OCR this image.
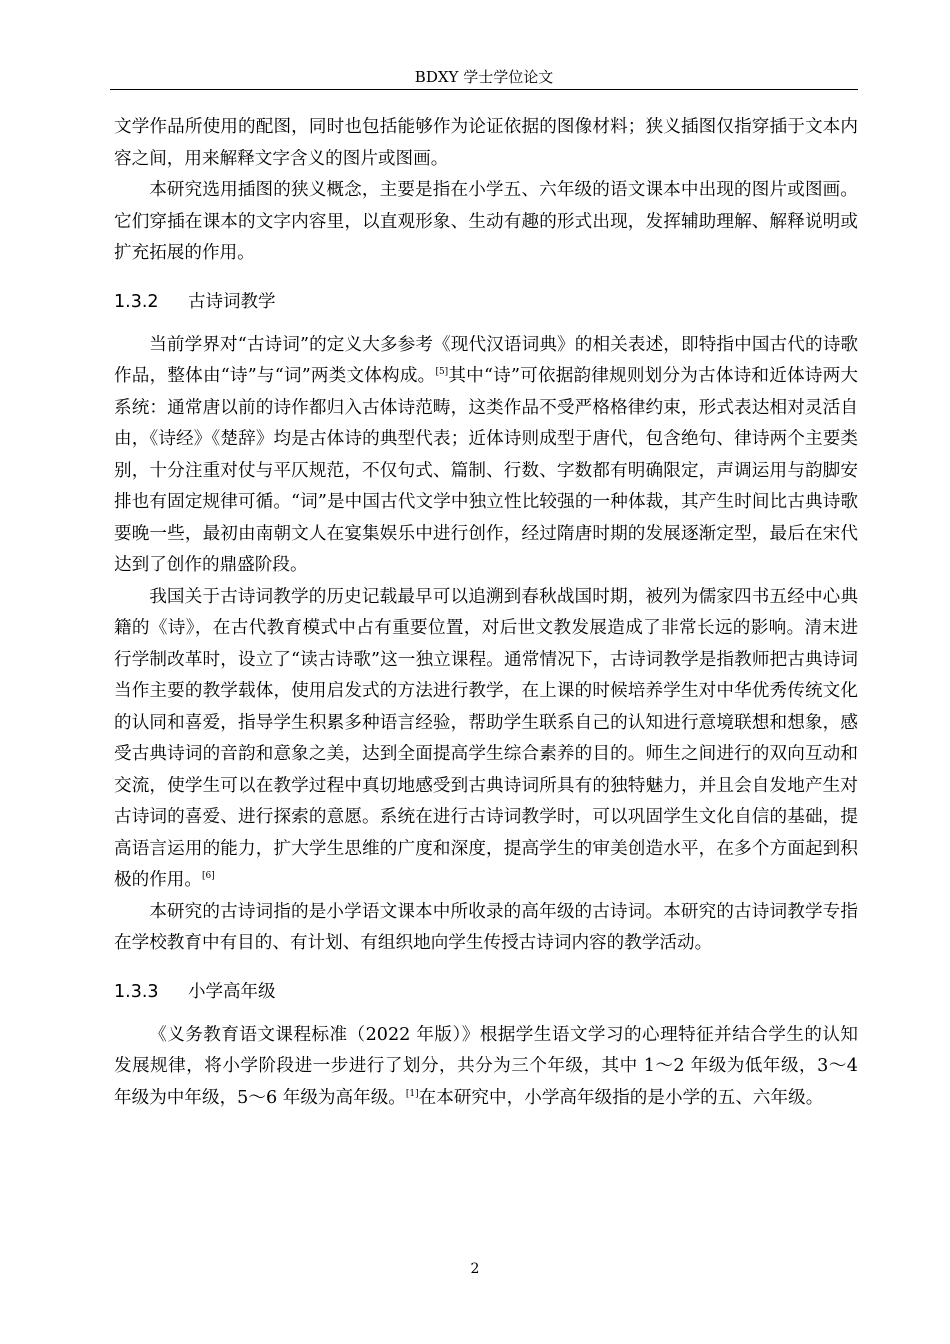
BDXY 学士学位论文

文学作品所使用的配图，同时也包括能够作为论证依据的图像材料；狭义插图仅指穿插于文本内容之间，用来解释文字含义的图片或图画。

本研究选用插图的狭义概念，主要是指在小学五、六年级的语文课本中出现的图片或图画。它们穿插在课本的文字内容里，以直观形象、生动有趣的形式出现，发挥辅助理解、解释说明或扩充拓展的作用。

1.3.2 古诗词教学

当前学界对“古诗词”的定义大多参考《现代汉语词典》的相关表述，即特指中国古代的诗歌作品，整体由“诗”与“词”两类文体构成。[5]其中“诗”可依据韵律规则划分为古体诗和近体诗两大系统：通常唐以前的诗作都归入古体诗范畴，这类作品不受严格格律约束，形式表达相对灵活自由，《诗经》《楚辞》均是古体诗的典型代表；近体诗则成型于唐代，包含绝句、律诗两个主要类别，十分注重对仗与平仄规范，不仅句式、篇制、行数、字数都有明确限定，声调运用与韵脚安排也有固定规律可循。“词”是中国古代文学中独立性比较强的一种体裁，其产生时间比古典诗歌要晚一些，最初由南朝文人在宴集娱乐中进行创作，经过隋唐时期的发展逐渐定型，最后在宋代达到了创作的鼎盛阶段。

我国关于古诗词教学的历史记载最早可以追溯到春秋战国时期，被列为儒家四书五经中心典籍的《诗》，在古代教育模式中占有重要位置，对后世文教发展造成了非常长远的影响。清末进行学制改革时，设立了“读古诗歌”这一独立课程。通常情况下，古诗词教学是指教师把古典诗词当作主要的教学载体，使用启发式的方法进行教学，在上课的时候培养学生对中华优秀传统文化的认同和喜爱，指导学生积累多种语言经验，帮助学生联系自己的认知进行意境联想和想象，感受古典诗词的音韵和意象之美，达到全面提高学生综合素养的目的。师生之间进行的双向互动和交流，使学生可以在教学过程中真切地感受到古典诗词所具有的独特魅力，并且会自发地产生对古诗词的喜爱、进行探索的意愿。系统在进行古诗词教学时，可以巩固学生文化自信的基础，提高语言运用的能力，扩大学生思维的广度和深度，提高学生的审美创造水平，在多个方面起到积极的作用。[6]

本研究的古诗词指的是小学语文课本中所收录的高年级的古诗词。本研究的古诗词教学专指在学校教育中有目的、有计划、有组织地向学生传授古诗词内容的教学活动。

1.3.3 小学高年级

《义务教育语文课程标准（2022 年版）》根据学生语文学习的心理特征并结合学生的认知发展规律，将小学阶段进一步进行了划分，共分为三个年级，其中 1～2 年级为低年级，3～4 年级为中年级，5～6 年级为高年级。[1]在本研究中，小学高年级指的是小学的五、六年级。

2
